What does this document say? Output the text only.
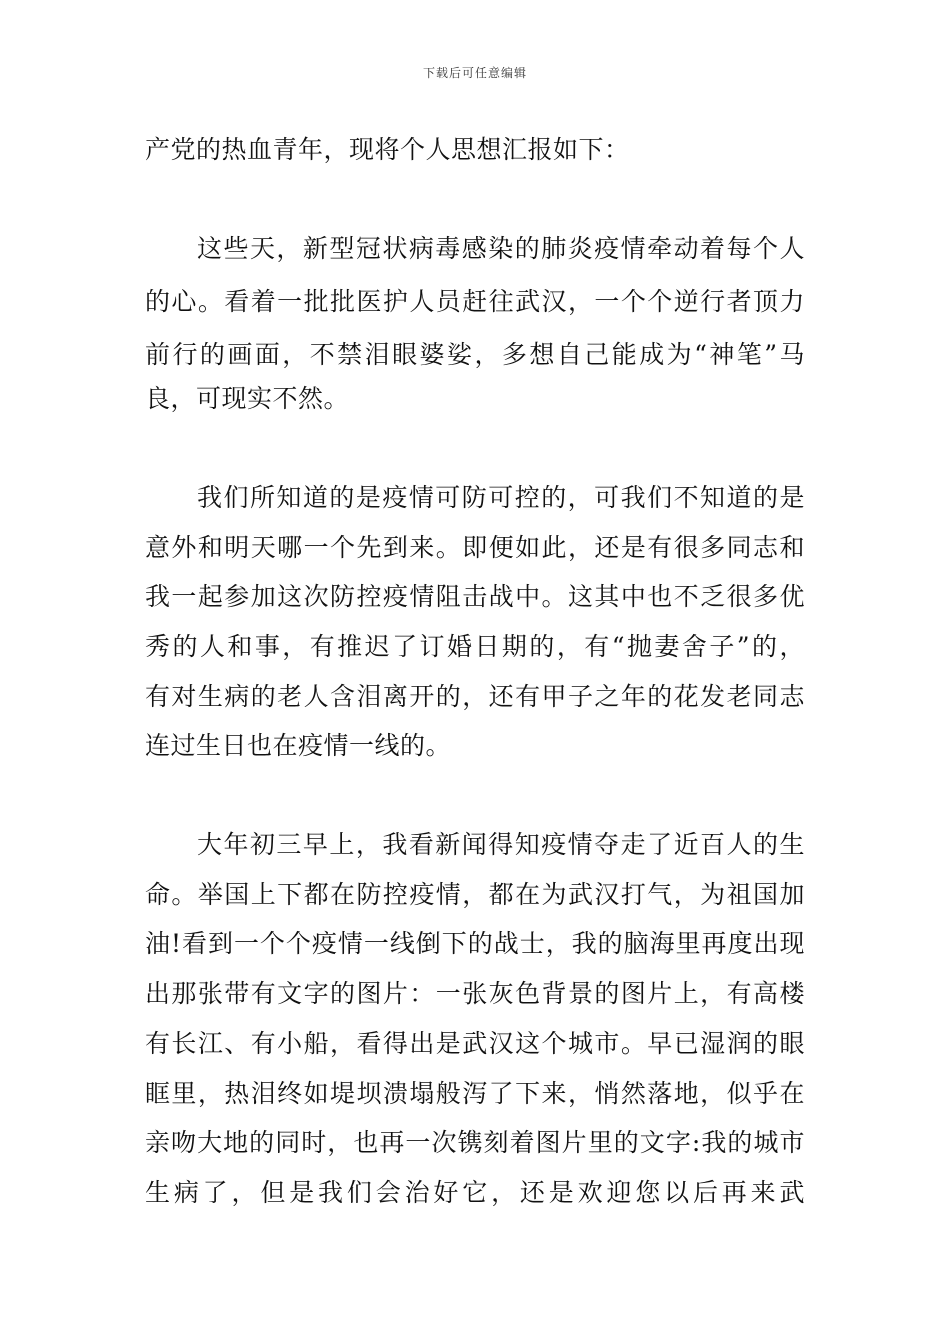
下载后可任意编辑
产党的热血青年，现将个人思想汇报如下：
这些天，新型冠状病毒感染的肺炎疫情牵动着每个人
的心。看着一批批医护人员赶往武汉，一个个逆行者顶力
前行的画面，不禁泪眼婆娑，多想自己能成为“神笔”马
良，可现实不然。
我们所知道的是疫情可防可控的，可我们不知道的是
意外和明天哪一个先到来。即便如此，还是有很多同志和
我一起参加这次防控疫情阻击战中。这其中也不乏很多优
秀的人和事，有推迟了订婚日期的，有“抛妻舍子”的，
有对生病的老人含泪离开的，还有甲子之年的花发老同志
连过生日也在疫情一线的。
大年初三早上，我看新闻得知疫情夺走了近百人的生
命。举国上下都在防控疫情，都在为武汉打气，为祖国加
油!看到一个个疫情一线倒下的战士，我的脑海里再度出现
出那张带有文字的图片：一张灰色背景的图片上，有高楼
有长江、有小船，看得出是武汉这个城市。早已湿润的眼
眶里，热泪终如堤坝溃塌般泻了下来，悄然落地，似乎在
亲吻大地的同时，也再一次镌刻着图片里的文字:我的城市
生病了，但是我们会治好它，还是欢迎您以后再来武
